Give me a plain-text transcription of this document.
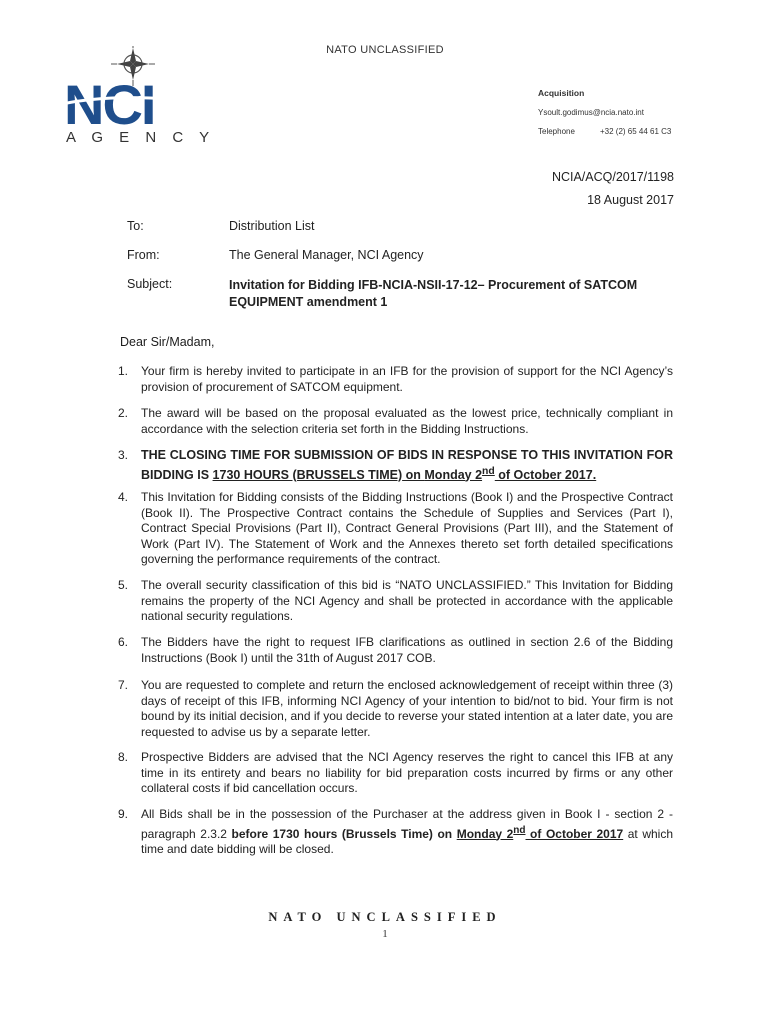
NATO UNCLASSIFIED
NCI
A G E N C Y
Acquisition
Ysoult.godimus@ncia.nato.int
Telephone	+32 (2) 65 44 61 C3
NCIA/ACQ/2017/1198
18 August 2017
To:	Distribution List
From:	The General Manager, NCI Agency
Subject:	Invitation for Bidding IFB-NCIA-NSII-17-12– Procurement of SATCOM
EQUIPMENT amendment 1
Dear Sir/Madam,
1.	Your firm is hereby invited to participate in an IFB for the provision of support for the NCI Agency’s provision of procurement of SATCOM equipment.
2.	The award will be based on the proposal evaluated as the lowest price, technically compliant in accordance with the selection criteria set forth in the Bidding Instructions.
3.	THE CLOSING TIME FOR SUBMISSION OF BIDS IN RESPONSE TO THIS INVITATION FOR BIDDING IS 1730 HOURS (BRUSSELS TIME) on Monday 2nd of October 2017.
4.	This Invitation for Bidding consists of the Bidding Instructions (Book I) and the Prospective Contract (Book II). The Prospective Contract contains the Schedule of Supplies and Services (Part I), Contract Special Provisions (Part II), Contract General Provisions (Part III), and the Statement of Work (Part IV). The Statement of Work and the Annexes thereto set forth detailed specifications governing the performance requirements of the contract.
5.	The overall security classification of this bid is “NATO UNCLASSIFIED.” This Invitation for Bidding remains the property of the NCI Agency and shall be protected in accordance with the applicable national security regulations.
6.	The Bidders have the right to request IFB clarifications as outlined in section 2.6 of the Bidding Instructions (Book I) until the 31th of August 2017 COB.
7.	You are requested to complete and return the enclosed acknowledgement of receipt within three (3) days of receipt of this IFB, informing NCI Agency of your intention to bid/not to bid. Your firm is not bound by its initial decision, and if you decide to reverse your stated intention at a later date, you are requested to advise us by a separate letter.
8.	Prospective Bidders are advised that the NCI Agency reserves the right to cancel this IFB at any time in its entirety and bears no liability for bid preparation costs incurred by firms or any other collateral costs if bid cancellation occurs.
9.	All Bids shall be in the possession of the Purchaser at the address given in Book I - section 2 - paragraph 2.3.2 before 1730 hours (Brussels Time) on Monday 2nd of October 2017 at which time and date bidding will be closed.
NATO UNCLASSIFIED
1
